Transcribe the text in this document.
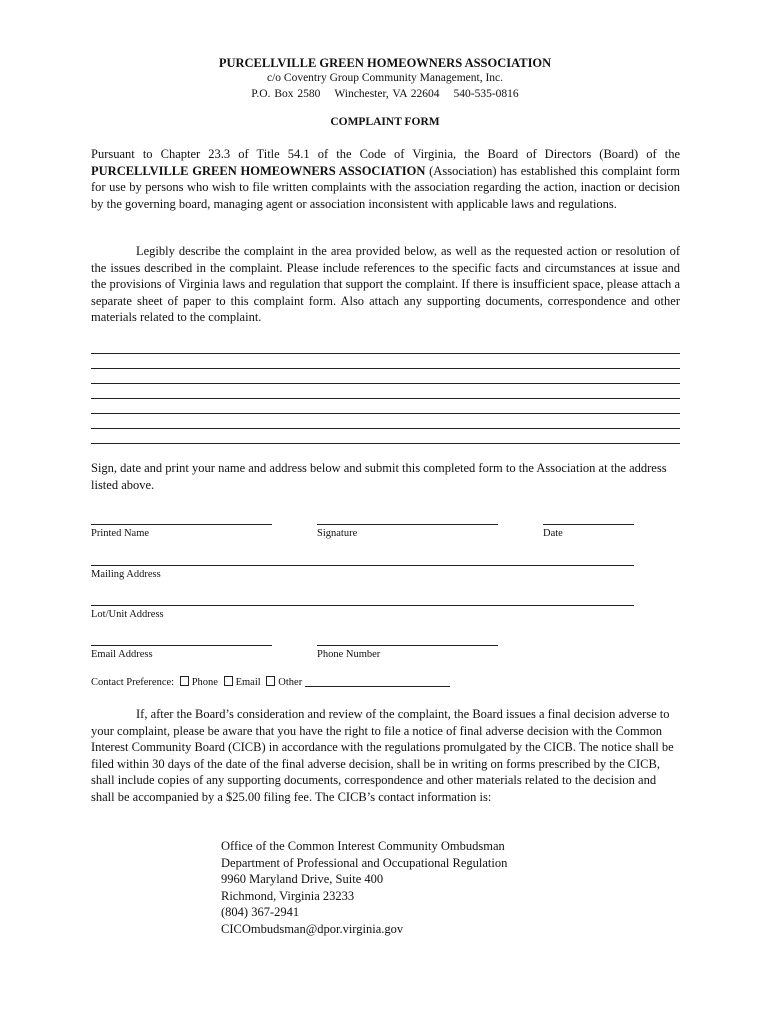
PURCELLVILLE GREEN HOMEOWNERS ASSOCIATION
c/o Coventry Group Community Management, Inc.
P.O. Box 2580 Winchester, VA 22604 540-535-0816
COMPLAINT FORM
Pursuant to Chapter 23.3 of Title 54.1 of the Code of Virginia, the Board of Directors (Board) of the PURCELLVILLE GREEN HOMEOWNERS ASSOCIATION (Association) has established this complaint form for use by persons who wish to file written complaints with the association regarding the action, inaction or decision by the governing board, managing agent or association inconsistent with applicable laws and regulations.
Legibly describe the complaint in the area provided below, as well as the requested action or resolution of the issues described in the complaint. Please include references to the specific facts and circumstances at issue and the provisions of Virginia laws and regulation that support the complaint. If there is insufficient space, please attach a separate sheet of paper to this complaint form. Also attach any supporting documents, correspondence and other materials related to the complaint.
Sign, date and print your name and address below and submit this completed form to the Association at the address listed above.
Printed Name	Signature	Date
Mailing Address
Lot/Unit Address
Email Address	Phone Number
Contact Preference: Phone Email Other
If, after the Board’s consideration and review of the complaint, the Board issues a final decision adverse to your complaint, please be aware that you have the right to file a notice of final adverse decision with the Common Interest Community Board (CICB) in accordance with the regulations promulgated by the CICB. The notice shall be filed within 30 days of the date of the final adverse decision, shall be in writing on forms prescribed by the CICB, shall include copies of any supporting documents, correspondence and other materials related to the decision and shall be accompanied by a $25.00 filing fee. The CICB’s contact information is:
Office of the Common Interest Community Ombudsman
Department of Professional and Occupational Regulation
9960 Maryland Drive, Suite 400
Richmond, Virginia 23233
(804) 367-2941
CICOmbudsman@dpor.virginia.gov
